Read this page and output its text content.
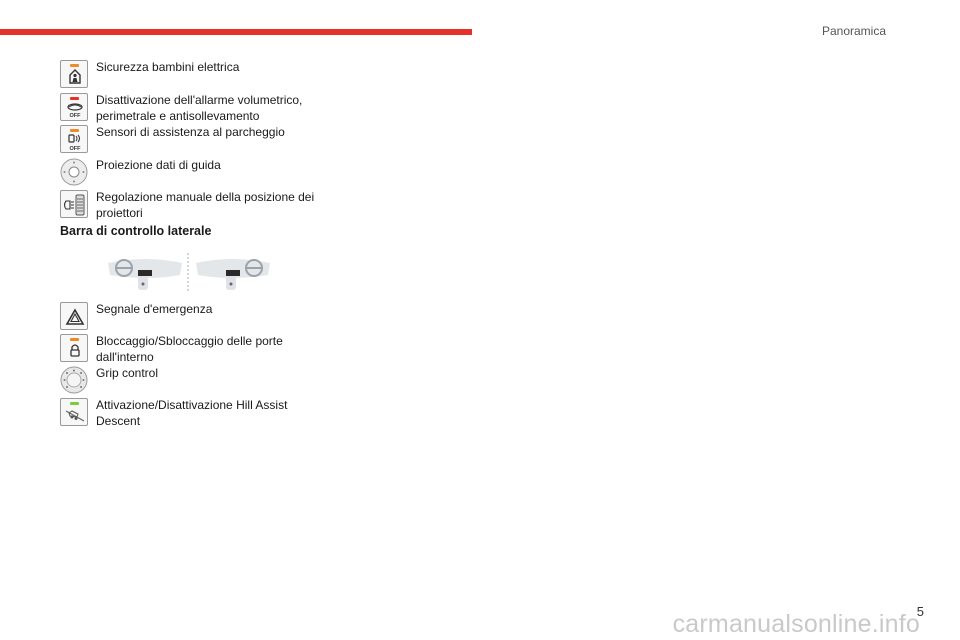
Panoramica
Sicurezza bambini elettrica
OFF
Disattivazione dell'allarme volumetrico, perimetrale e antisollevamento
OFF
Sensori di assistenza al parcheggio
Proiezione dati di guida
Regolazione manuale della posizione dei proiettori
Barra di controllo laterale
Segnale d'emergenza
Bloccaggio/Sbloccaggio delle porte dall'interno
Grip control
Attivazione/Disattivazione Hill Assist Descent
5
carmanualsonline.info
